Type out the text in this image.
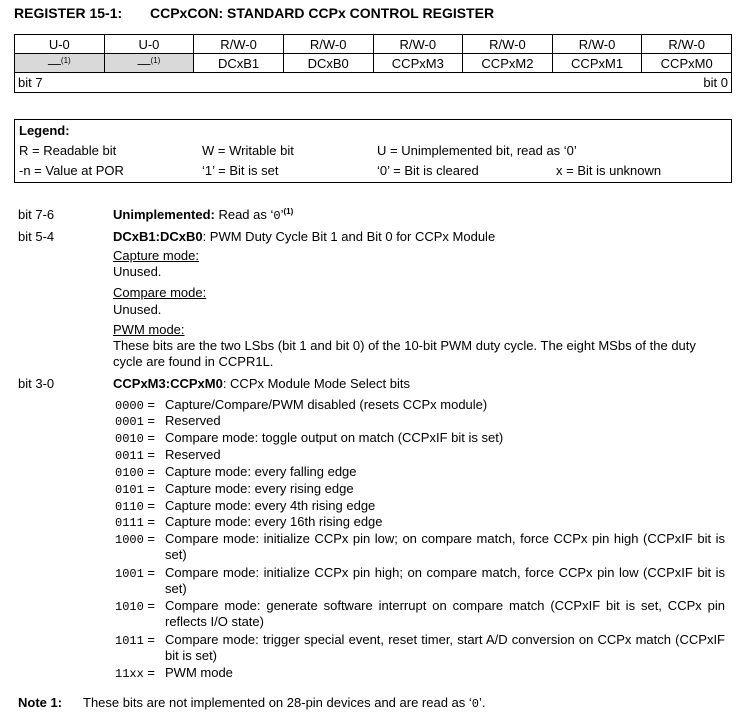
REGISTER 15-1: CCPxCON: STANDARD CCPx CONTROL REGISTER
U-0	U-0	R/W-0	R/W-0	R/W-0	R/W-0	R/W-0	R/W-0
—$^{(1)}$	—$^{(1)}$	DCxB1	DCxB0	CCPxM3	CCPxM2	CCPxM1	CCPxM0
bit 7 bit 0							
Legend:
R = Readable bit	W = Writable bit	U = Unimplemented bit, read as ‘0’
-n = Value at POR	‘1’ = Bit is set	‘0’ = Bit is cleared	x = Bit is unknown
bit 7-6	Unimplemented: Read as ‘0’$^{(1)}$
bit 5-4	DCxB1:DCxB0: PWM Duty Cycle Bit 1 and Bit 0 for CCPx Module
Capture mode:
Unused.
Compare mode:
Unused.
PWM mode:
These bits are the two LSbs (bit 1 and bit 0) of the 10-bit PWM duty cycle. The eight MSbs of the duty cycle are found in CCPR1L.
bit 3-0	CCPxM3:CCPxM0: CCPx Module Mode Select bits
0000 = Capture/Compare/PWM disabled (resets CCPx module)
0001 = Reserved
0010 = Compare mode: toggle output on match (CCPxIF bit is set)
0011 = Reserved
0100 = Capture mode: every falling edge
0101 = Capture mode: every rising edge
0110 = Capture mode: every 4th rising edge
0111 = Capture mode: every 16th rising edge
1000 = Compare mode: initialize CCPx pin low; on compare match, force CCPx pin high (CCPxIF bit is set)
1001 = Compare mode: initialize CCPx pin high; on compare match, force CCPx pin low (CCPxIF bit is set)
1010 = Compare mode: generate software interrupt on compare match (CCPxIF bit is set, CCPx pin reflects I/O state)
1011 = Compare mode: trigger special event, reset timer, start A/D conversion on CCPx match (CCPxIF bit is set)
11xx = PWM mode
Note 1: These bits are not implemented on 28-pin devices and are read as ‘0’.
